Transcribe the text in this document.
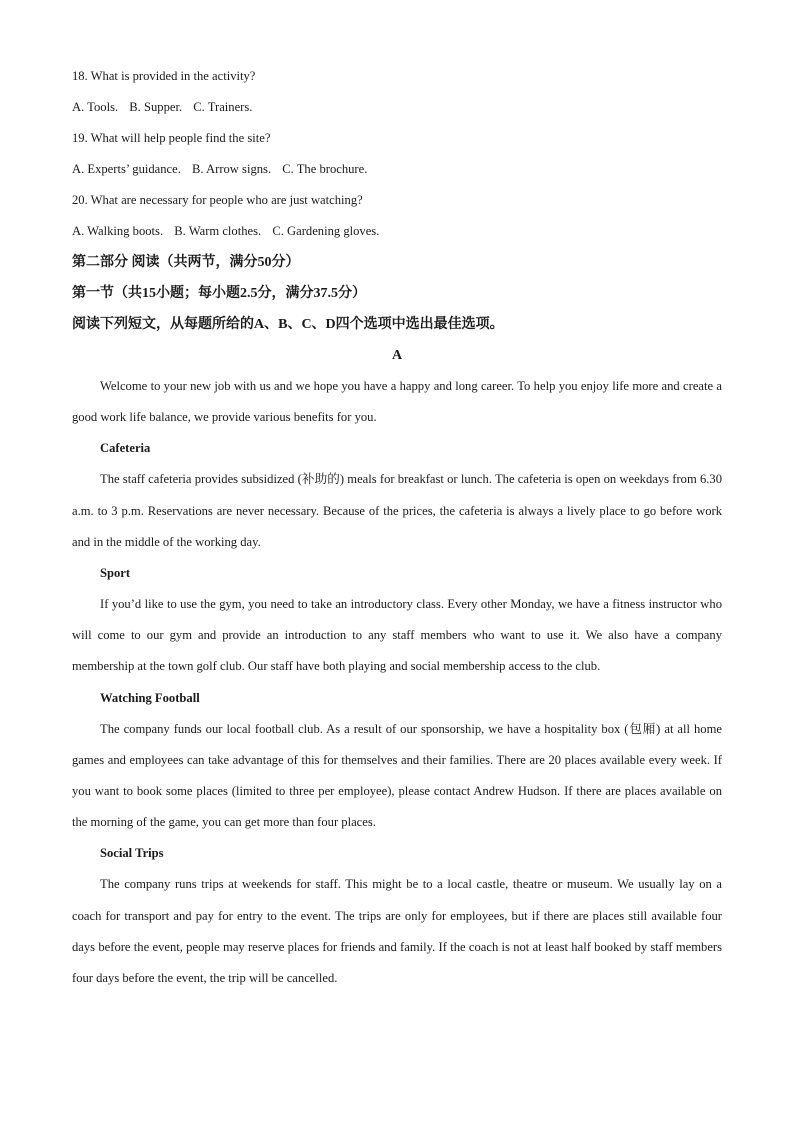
18. What is provided in the activity?
A. Tools. B. Supper. C. Trainers.
19. What will help people find the site?
A. Experts’ guidance. B. Arrow signs. C. The brochure.
20. What are necessary for people who are just watching?
A. Walking boots. B. Warm clothes. C. Gardening gloves.
第二部分 阅读（共两节，满分50分）
第一节（共15小题；每小题2.5分，满分37.5分）
阅读下列短文，从每题所给的A、B、C、D四个选项中选出最佳选项。
A
Welcome to your new job with us and we hope you have a happy and long career. To help you enjoy life more and create a good work life balance, we provide various benefits for you.
Cafeteria
The staff cafeteria provides subsidized (补助的) meals for breakfast or lunch. The cafeteria is open on weekdays from 6.30 a.m. to 3 p.m. Reservations are never necessary. Because of the prices, the cafeteria is always a lively place to go before work and in the middle of the working day.
Sport
If you’d like to use the gym, you need to take an introductory class. Every other Monday, we have a fitness instructor who will come to our gym and provide an introduction to any staff members who want to use it. We also have a company membership at the town golf club. Our staff have both playing and social membership access to the club.
Watching Football
The company funds our local football club. As a result of our sponsorship, we have a hospitality box (包厢) at all home games and employees can take advantage of this for themselves and their families. There are 20 places available every week. If you want to book some places (limited to three per employee), please contact Andrew Hudson. If there are places available on the morning of the game, you can get more than four places.
Social Trips
The company runs trips at weekends for staff. This might be to a local castle, theatre or museum. We usually lay on a coach for transport and pay for entry to the event. The trips are only for employees, but if there are places still available four days before the event, people may reserve places for friends and family. If the coach is not at least half booked by staff members four days before the event, the trip will be cancelled.
